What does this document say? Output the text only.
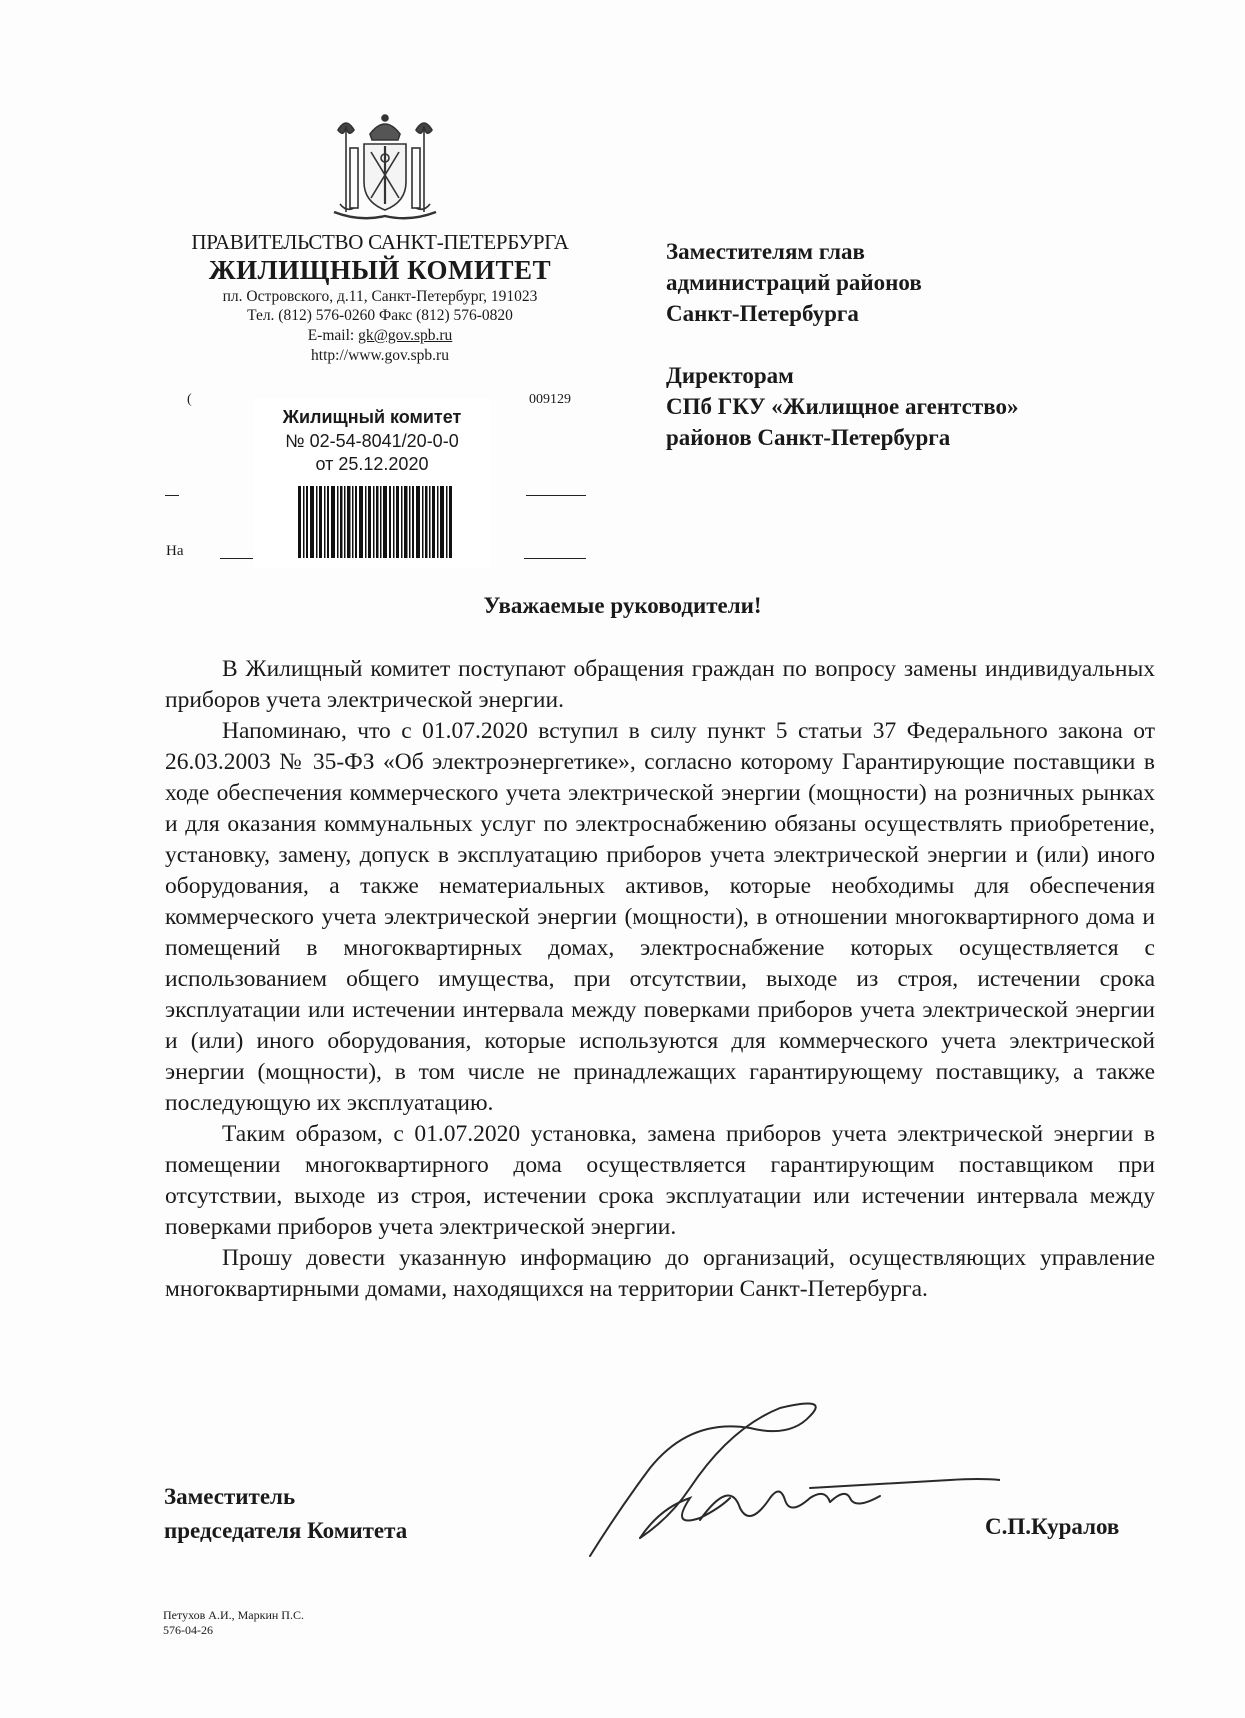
ПРАВИТЕЛЬСТВО САНКТ-ПЕТЕРБУРГА
ЖИЛИЩНЫЙ КОМИТЕТ
пл. Островского, д.11, Санкт-Петербург, 191023
Тел. (812) 576-0260 Факс (812) 576-0820
E-mail: gk@gov.spb.ru
http://www.gov.spb.ru
Заместителям глав
администраций районов
Санкт-Петербурга
Директорам
СПб ГКУ «Жилищное агентство»
районов Санкт-Петербурга
(	009129
На
Жилищный комитет
№ 02-54-8041/20-0-0
от 25.12.2020
Уважаемые руководители!

В Жилищный комитет поступают обращения граждан по вопросу замены индивидуальных приборов учета электрической энергии.

Напоминаю, что с 01.07.2020 вступил в силу пункт 5 статьи 37 Федерального закона от 26.03.2003 № 35-ФЗ «Об электроэнергетике», согласно которому Гарантирующие поставщики в ходе обеспечения коммерческого учета электрической энергии (мощности) на розничных рынках и для оказания коммунальных услуг по электроснабжению обязаны осуществлять приобретение, установку, замену, допуск в эксплуатацию приборов учета электрической энергии и (или) иного оборудования, а также нематериальных активов, которые необходимы для обеспечения коммерческого учета электрической энергии (мощности), в отношении многоквартирного дома и помещений в многоквартирных домах, электроснабжение которых осуществляется с использованием общего имущества, при отсутствии, выходе из строя, истечении срока эксплуатации или истечении интервала между поверками приборов учета электрической энергии и (или) иного оборудования, которые используются для коммерческого учета электрической энергии (мощности), в том числе не принадлежащих гарантирующему поставщику, а также последующую их эксплуатацию.

Таким образом, с 01.07.2020 установка, замена приборов учета электрической энергии в помещении многоквартирного дома осуществляется гарантирующим поставщиком при отсутствии, выходе из строя, истечении срока эксплуатации или истечении интервала между поверками приборов учета электрической энергии.

Прошу довести указанную информацию до организаций, осуществляющих управление многоквартирными домами, находящихся на территории Санкт-Петербурга.

Заместитель
председателя Комитета	С.П.Куралов
Петухов А.И., Маркин П.С.
576-04-26
